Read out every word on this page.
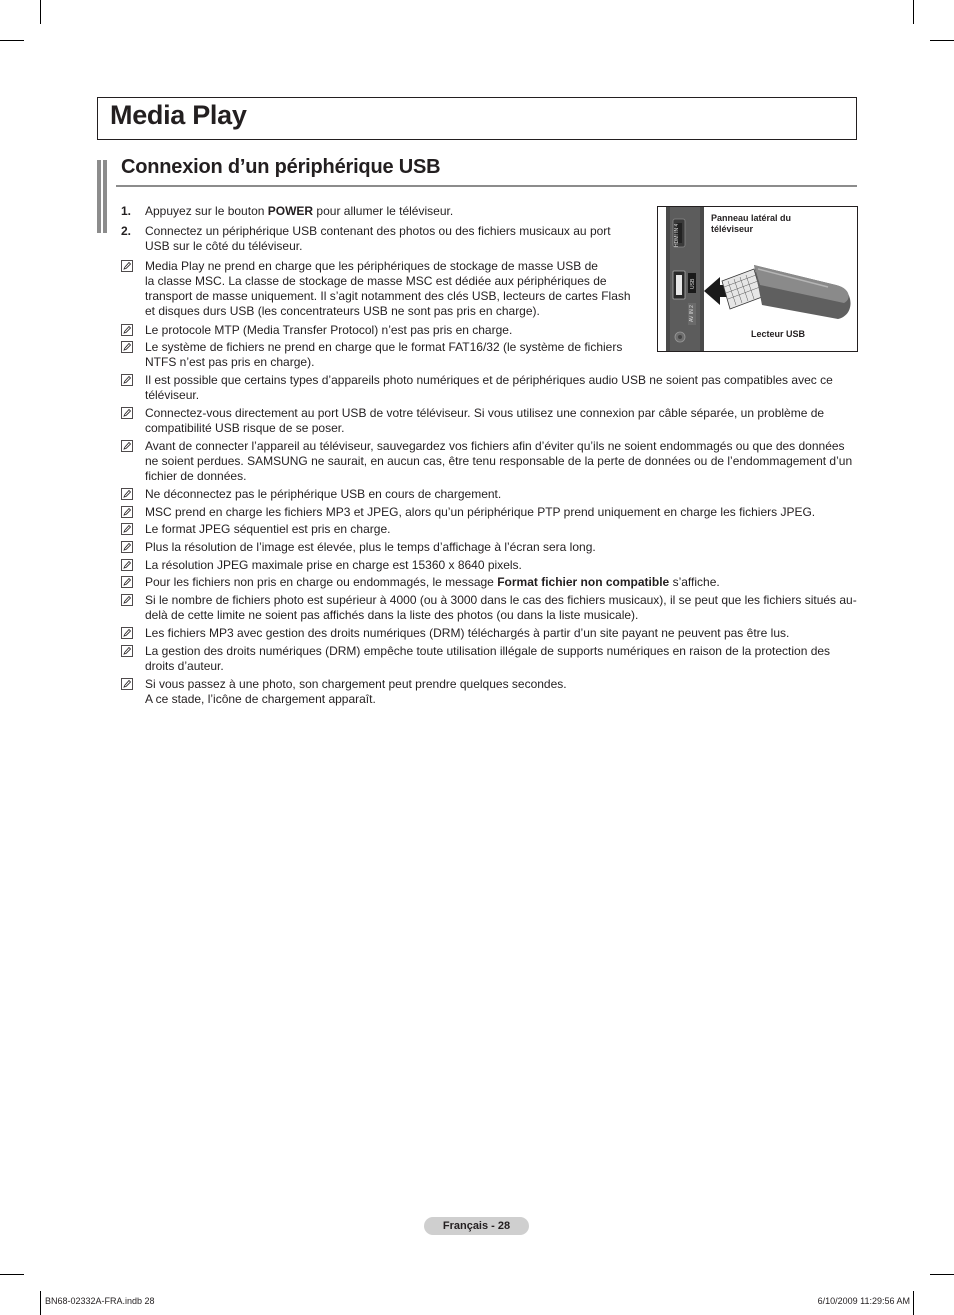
Media Play
Connexion d’un périphérique USB
1. Appuyez sur le bouton POWER pour allumer le téléviseur.
2. Connectez un périphérique USB contenant des photos ou des fichiers musicaux au port USB sur le côté du téléviseur.
Media Play ne prend en charge que les périphériques de stockage de masse USB de
la classe MSC. La classe de stockage de masse MSC est dédiée aux périphériques de
transport de masse uniquement. Il s’agit notamment des clés USB, lecteurs de cartes Flash
et disques durs USB (les concentrateurs USB ne sont pas pris en charge).
Le protocole MTP (Media Transfer Protocol) n’est pas pris en charge.
Le système de fichiers ne prend en charge que le format FAT16/32 (le système de fichiers
NTFS n’est pas pris en charge).
Il est possible que certains types d’appareils photo numériques et de périphériques audio USB ne soient pas compatibles avec ce téléviseur.
Connectez-vous directement au port USB de votre téléviseur. Si vous utilisez une connexion par câble séparée, un problème de compatibilité USB risque de se poser.
Avant de connecter l’appareil au téléviseur, sauvegardez vos fichiers afin d’éviter qu’ils ne soient endommagés ou que des données ne soient perdues. SAMSUNG ne saurait, en aucun cas, être tenu responsable de la perte de données ou de l’endommagement d’un fichier de données.
Ne déconnectez pas le périphérique USB en cours de chargement.
MSC prend en charge les fichiers MP3 et JPEG, alors qu’un périphérique PTP prend uniquement en charge les fichiers JPEG.
Le format JPEG séquentiel est pris en charge.
Plus la résolution de l’image est élevée, plus le temps d’affichage à l’écran sera long.
La résolution JPEG maximale prise en charge est 15360 x 8640 pixels.
Pour les fichiers non pris en charge ou endommagés, le message Format fichier non compatible s’affiche.
Si le nombre de fichiers photo est supérieur à 4000 (ou à 3000 dans le cas des fichiers musicaux), il se peut que les fichiers situés au-delà de cette limite ne soient pas affichés dans la liste des photos (ou dans la liste musicale).
Les fichiers MP3 avec gestion des droits numériques (DRM) téléchargés à partir d’un site payant ne peuvent pas être lus.
La gestion des droits numériques (DRM) empêche toute utilisation illégale de supports numériques en raison de la protection des droits d’auteur.
Si vous passez à une photo, son chargement peut prendre quelques secondes.
A ce stade, l’icône de chargement apparaît.
Panneau latéral du téléviseur
Lecteur USB
HDMI IN 4
USB
AV IN 2
Français - 28
BN68-02332A-FRA.indb 28	6/10/2009 11:29:56 AM
